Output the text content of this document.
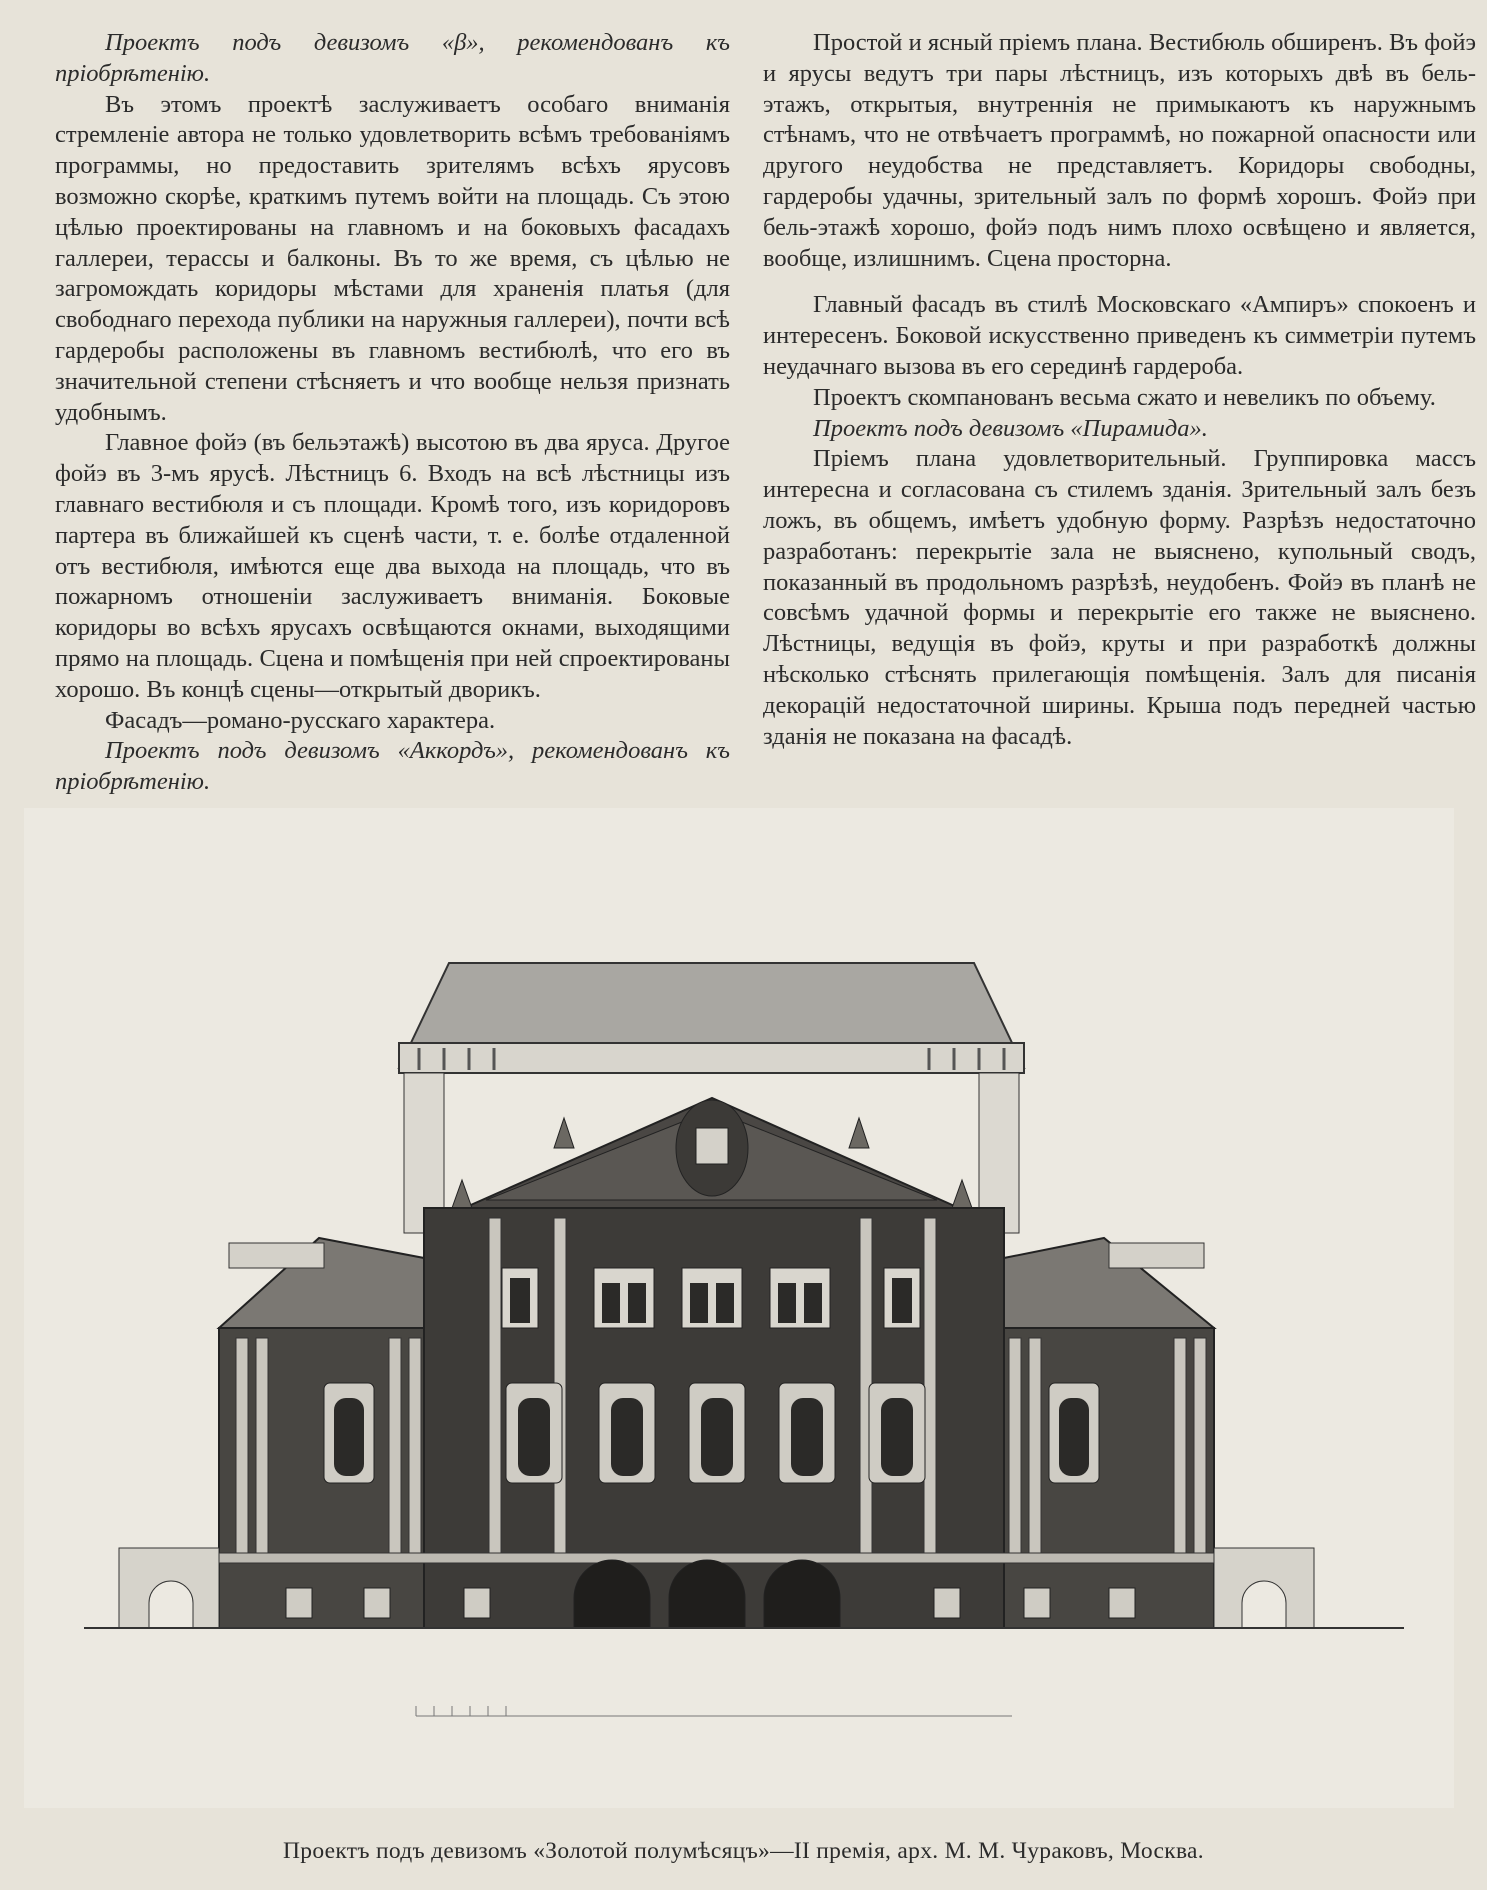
Проектъ подъ девизомъ «β», рекомендованъ къ пріобрѣтенію.

Въ этомъ проектѣ заслуживаетъ особаго вниманія стремленіе автора не только удовлетворить всѣмъ требованіямъ программы, но предоставить зрителямъ всѣхъ ярусовъ возможно скорѣе, краткимъ путемъ войти на площадь. Съ этою цѣлью проектированы на главномъ и на боковыхъ фасадахъ галлереи, терассы и балконы. Въ то же время, съ цѣлью не загромождать коридоры мѣстами для храненія платья (для свободнаго перехода публики на наружныя галлереи), почти всѣ гардеробы расположены въ главномъ вестибюлѣ, что его въ значительной степени стѣсняетъ и что вообще нельзя признать удобнымъ.

Главное фойэ (въ бельэтажѣ) высотою въ два яруса. Другое фойэ въ 3-мъ ярусѣ. Лѣстницъ 6. Входъ на всѣ лѣстницы изъ главнаго вестибюля и съ площади. Кромѣ того, изъ коридоровъ партера въ ближайшей къ сценѣ части, т. е. болѣе отдаленной отъ вестибюля, имѣются еще два выхода на площадь, что въ пожарномъ отношеніи заслуживаетъ вниманія. Боковые коридоры во всѣхъ ярусахъ освѣщаются окнами, выходящими прямо на площадь. Сцена и помѣщенія при ней спроектированы хорошо. Въ концѣ сцены—открытый дворикъ.

Фасадъ—романо-русскаго характера.

Проектъ подъ девизомъ «Аккордъ», рекомендованъ къ пріобрѣтенію.

Простой и ясный пріемъ плана. Вестибюль обширенъ. Въ фойэ и ярусы ведутъ три пары лѣстницъ, изъ которыхъ двѣ въ бель-этажъ, открытыя, внутреннія не примыкаютъ къ наружнымъ стѣнамъ, что не отвѣчаетъ программѣ, но пожарной опасности или другого неудобства не представляетъ. Коридоры свободны, гардеробы удачны, зрительный залъ по формѣ хорошъ. Фойэ при бель-этажѣ хорошо, фойэ подъ нимъ плохо освѣщено и является, вообще, излишнимъ. Сцена просторна.

Главный фасадъ въ стилѣ Московскаго «Ампиръ» спокоенъ и интересенъ. Боковой искусственно приведенъ къ симметріи путемъ неудачнаго вызова въ его серединѣ гардероба.

Проектъ скомпанованъ весьма сжато и невеликъ по объему.

Проектъ подъ девизомъ «Пирамида».

Пріемъ плана удовлетворительный. Группировка массъ интересна и согласована съ стилемъ зданія. Зрительный залъ безъ ложъ, въ общемъ, имѣетъ удобную форму. Разрѣзъ недостаточно разработанъ: перекрытіе зала не выяснено, купольный сводъ, показанный въ продольномъ разрѣзѣ, неудобенъ. Фойэ въ планѣ не совсѣмъ удачной формы и перекрытіе его также не выяснено. Лѣстницы, ведущія въ фойэ, круты и при разработкѣ должны нѣсколько стѣснять прилегающія помѣщенія. Залъ для писанія декорацій недостаточной ширины. Крыша подъ передней частью зданія не показана на фасадѣ.

Проектъ подъ девизомъ «Золотой полумѣсяцъ»—II премія, арх. М. М. Чураковъ, Москва.
